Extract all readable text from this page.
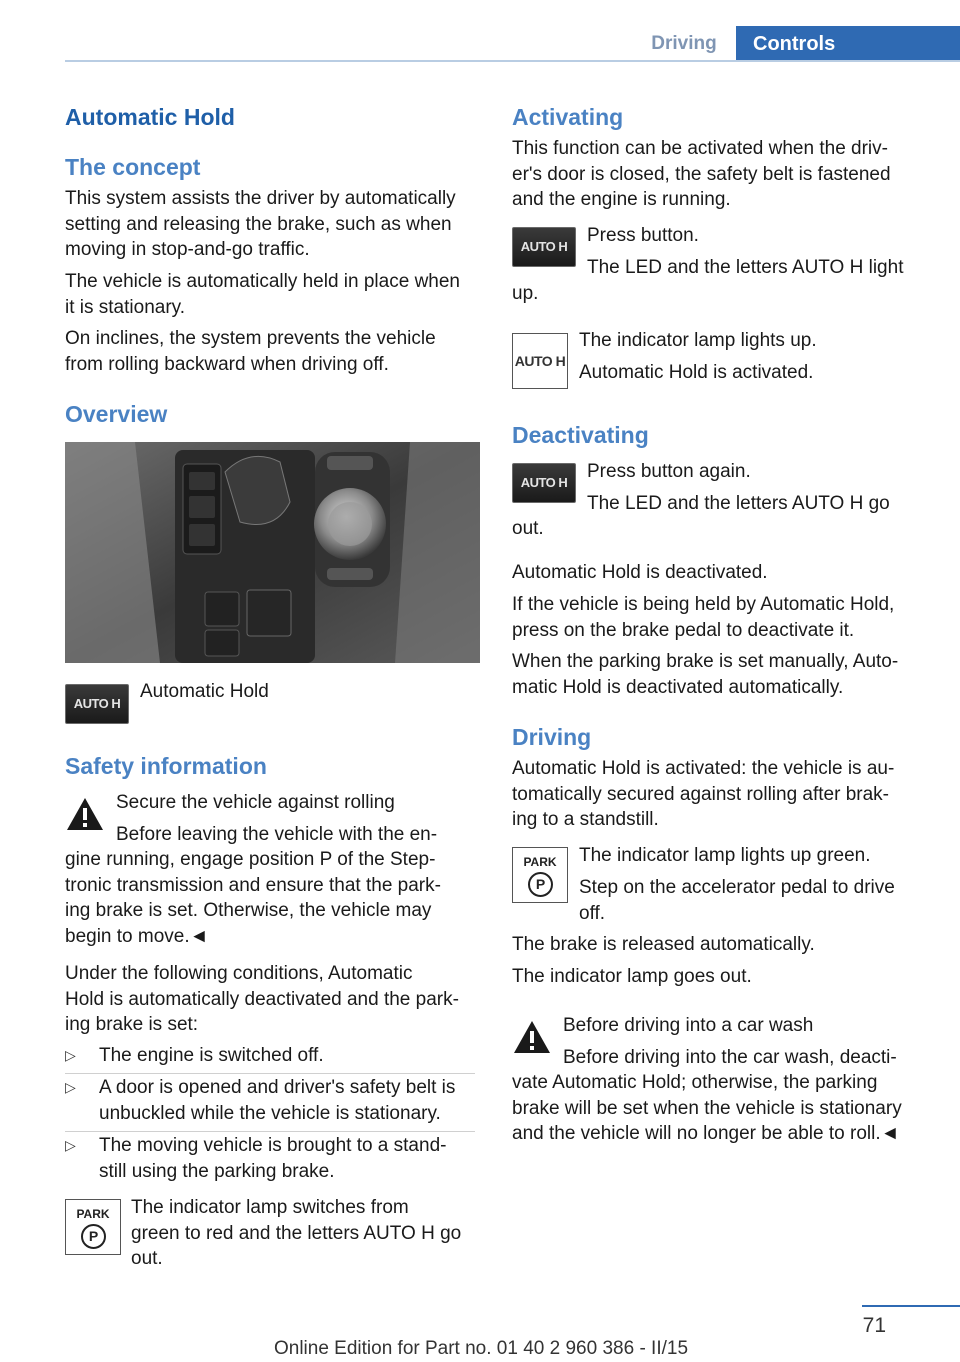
Driving	Controls
Automatic Hold
The concept
This system assists the driver by automatically
setting and releasing the brake, such as when
moving in stop-and-go traffic.
The vehicle is automatically held in place when
it is stationary.
On inclines, the system prevents the vehicle
from rolling backward when driving off.
Overview
AUTO H
Automatic Hold
Safety information
Secure the vehicle against rolling
Before leaving the vehicle with the en-
gine running, engage position P of the Step-
tronic transmission and ensure that the park-
ing brake is set. Otherwise, the vehicle may
begin to move.◄
Under the following conditions, Automatic
Hold is automatically deactivated and the park-
ing brake is set:
▷ The engine is switched off.
▷ A door is opened and driver's safety belt is
unbuckled while the vehicle is stationary.
▷ The moving vehicle is brought to a stand-
still using the parking brake.
PARK
P
The indicator lamp switches from
green to red and the letters AUTO H go
out.
Activating
This function can be activated when the driv-
er's door is closed, the safety belt is fastened
and the engine is running.
AUTO H
Press button.
The LED and the letters AUTO H light
up.
AUTO H
The indicator lamp lights up.
Automatic Hold is activated.
Deactivating
AUTO H
Press button again.
The LED and the letters AUTO H go
out.
Automatic Hold is deactivated.
If the vehicle is being held by Automatic Hold,
press on the brake pedal to deactivate it.
When the parking brake is set manually, Auto-
matic Hold is deactivated automatically.
Driving
Automatic Hold is activated: the vehicle is au-
tomatically secured against rolling after brak-
ing to a standstill.
PARK
P
The indicator lamp lights up green.
Step on the accelerator pedal to drive
off.
The brake is released automatically.
The indicator lamp goes out.
Before driving into a car wash
Before driving into the car wash, deacti-
vate Automatic Hold; otherwise, the parking
brake will be set when the vehicle is stationary
and the vehicle will no longer be able to roll.◄
71
Online Edition for Part no. 01 40 2 960 386 - II/15
